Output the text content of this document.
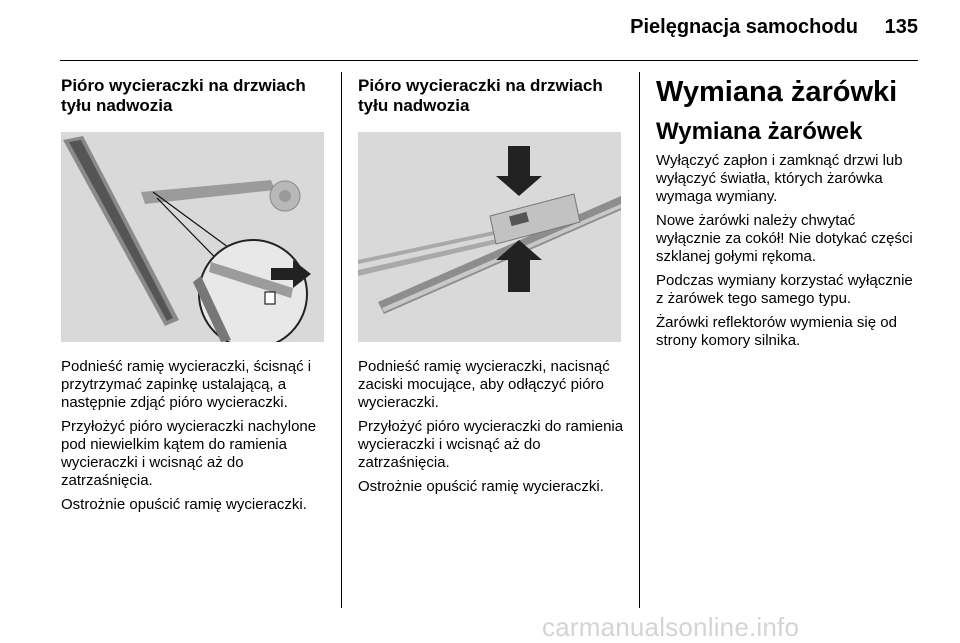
Pielęgnacja samochodu 135
Pióro wycieraczki na drzwiach tyłu nadwozia

Podnieść ramię wycieraczki, ścisnąć i przytrzymać zapinkę ustalającą, a następnie zdjąć pióro wycieraczki.

Przyłożyć pióro wycieraczki nachylone pod niewielkim kątem do ramienia wycieraczki i wcisnąć aż do zatrzaśnięcia.

Ostrożnie opuścić ramię wycieraczki.

Pióro wycieraczki na drzwiach tyłu nadwozia

Podnieść ramię wycieraczki, nacisnąć zaciski mocujące, aby odłączyć pióro wycieraczki.

Przyłożyć pióro wycieraczki do ramienia wycieraczki i wcisnąć aż do zatrzaśnięcia.

Ostrożnie opuścić ramię wycieraczki.

Wymiana żarówki
Wymiana żarówek

Wyłączyć zapłon i zamknąć drzwi lub wyłączyć światła, których żarówka wymaga wymiany.

Nowe żarówki należy chwytać wyłącznie za cokół! Nie dotykać części szklanej gołymi rękoma.

Podczas wymiany korzystać wyłącznie z żarówek tego samego typu.

Żarówki reflektorów wymienia się od strony komory silnika.

carmanualsonline.info
